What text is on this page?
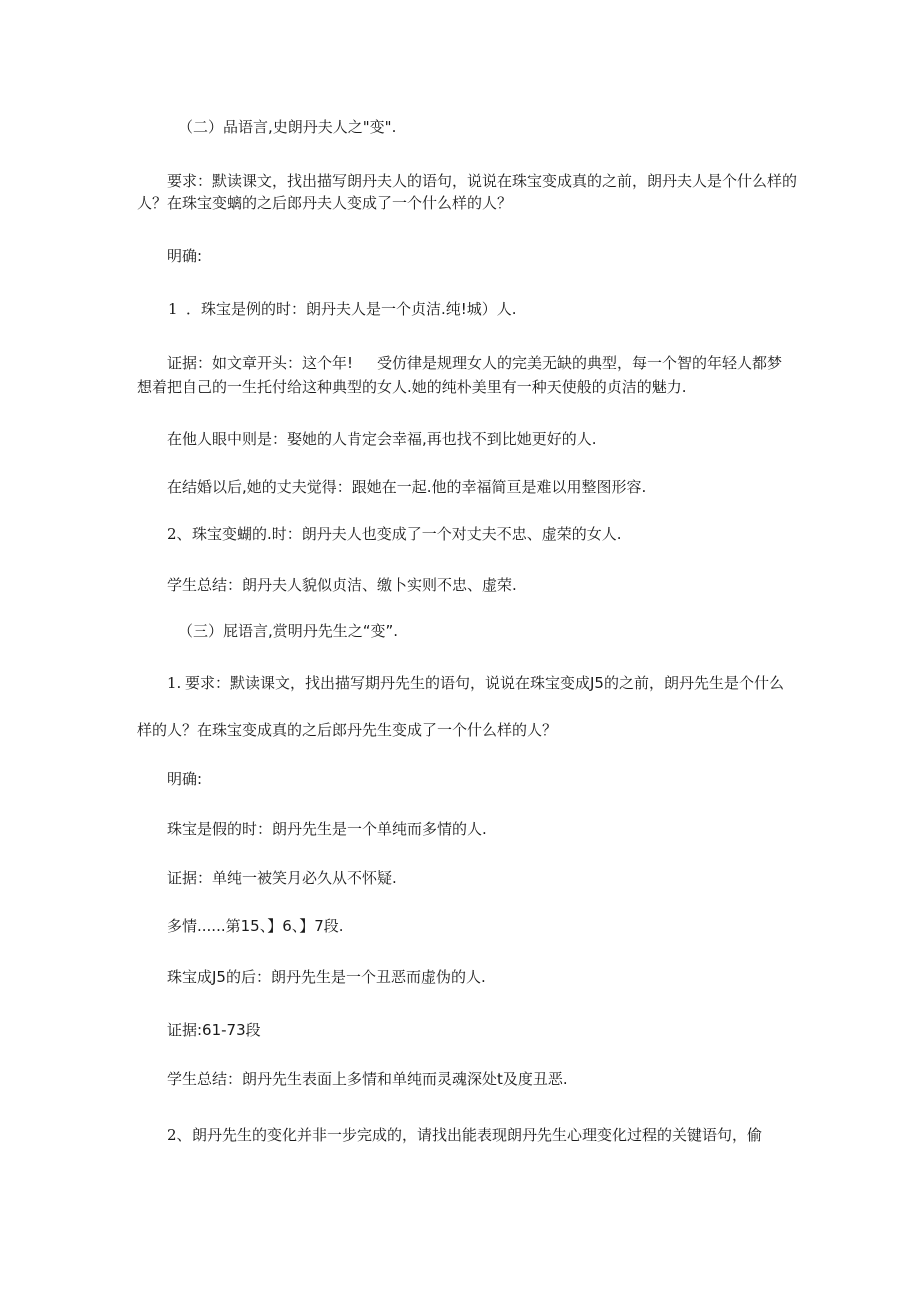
（二）品语言,史朗丹夫人之"变".
要求：默读课文，找出描写朗丹夫人的语句，说说在珠宝变成真的之前，朗丹夫人是个什么样的
人？在珠宝变螭的之后郎丹夫人变成了一个什么样的人？
明确:
1 ．珠宝是例的时：朗丹夫人是一个贞洁.纯!城）人.
证据：如文章开头：这个年! 受仿律是规理女人的完美无缺的典型，每一个智的年轻人都梦
想着把自己的一生托付给这种典型的女人.她的纯朴美里有一种天使般的贞洁的魅力.
在他人眼中则是：娶她的人肯定会幸福,再也找不到比她更好的人.
在结婚以后,她的丈夫觉得：跟她在一起.他的幸福简亘是难以用整图形容.
2、 珠宝变蝴的.时：朗丹夫人也变成了一个对丈夫不忠、虚荣的女人.
学生总结：朗丹夫人貌似贞洁、缴卜实则不忠、虚荣.
（三）屁语言,赏明丹先生之“变”.
1. 要求：默读课文，找出描写期丹先生的语句，说说在珠宝变成J5的之前，朗丹先生是个什么
样的人？在珠宝变成真的之后郎丹先生变成了一个什么样的人？
明确:
珠宝是假的时：朗丹先生是一个单纯而多情的人.
证据：单纯一被笑月必久从不怀疑.
多情......第15、】6、】7段.
珠宝成J5的后：朗丹先生是一个丑恶而虚伪的人.
证据:61-73段
学生总结：朗丹先生表面上多情和单纯而灵魂深处t及度丑恶.
2、 朗丹先生的变化并非一步完成的，请找出能表现朗丹先生心理变化过程的关键语句，偷
